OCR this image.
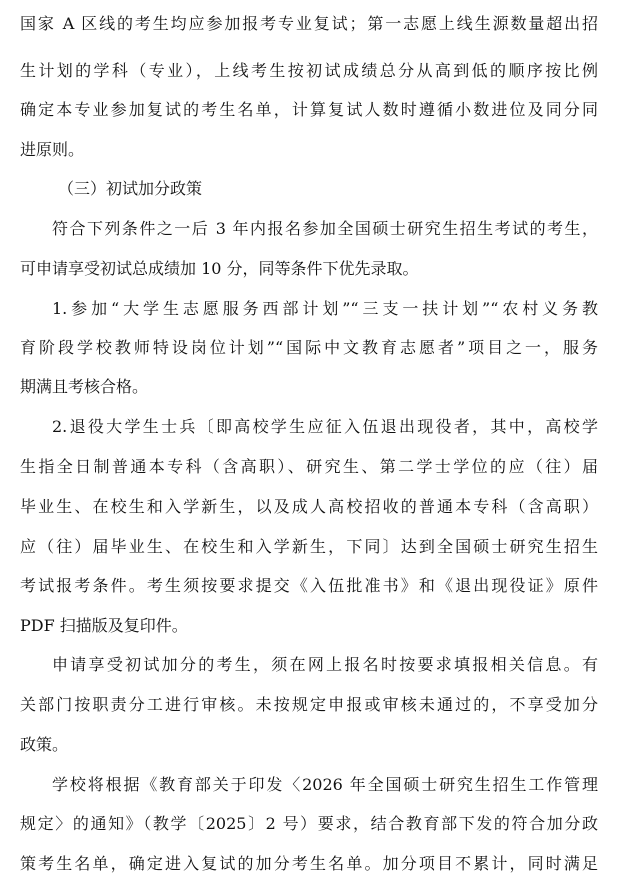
国家 A 区线的考生均应参加报考专业复试；第一志愿上线生源数量超出招
生计划的学科（专业），上线考生按初试成绩总分从高到低的顺序按比例
确定本专业参加复试的考生名单，计算复试人数时遵循小数进位及同分同
进原则。
（三）初试加分政策
符合下列条件之一后 3 年内报名参加全国硕士研究生招生考试的考生，
可申请享受初试总成绩加 10 分，同等条件下优先录取。
1.参加“大学生志愿服务西部计划”“三支一扶计划”“农村义务教
育阶段学校教师特设岗位计划”“国际中文教育志愿者”项目之一，服务
期满且考核合格。
2.退役大学生士兵〔即高校学生应征入伍退出现役者，其中，高校学
生指全日制普通本专科（含高职）、研究生、第二学士学位的应（往）届
毕业生、在校生和入学新生，以及成人高校招收的普通本专科（含高职）
应（往）届毕业生、在校生和入学新生，下同〕达到全国硕士研究生招生
考试报考条件。考生须按要求提交《入伍批准书》和《退出现役证》原件
PDF 扫描版及复印件。
申请享受初试加分的考生，须在网上报名时按要求填报相关信息。有
关部门按职责分工进行审核。未按规定申报或审核未通过的，不享受加分
政策。
学校将根据《教育部关于印发〈2026 年全国硕士研究生招生工作管理
规定〉的通知》（教学〔2025〕2 号）要求，结合教育部下发的符合加分政
策考生名单，确定进入复试的加分考生名单。加分项目不累计，同时满足
